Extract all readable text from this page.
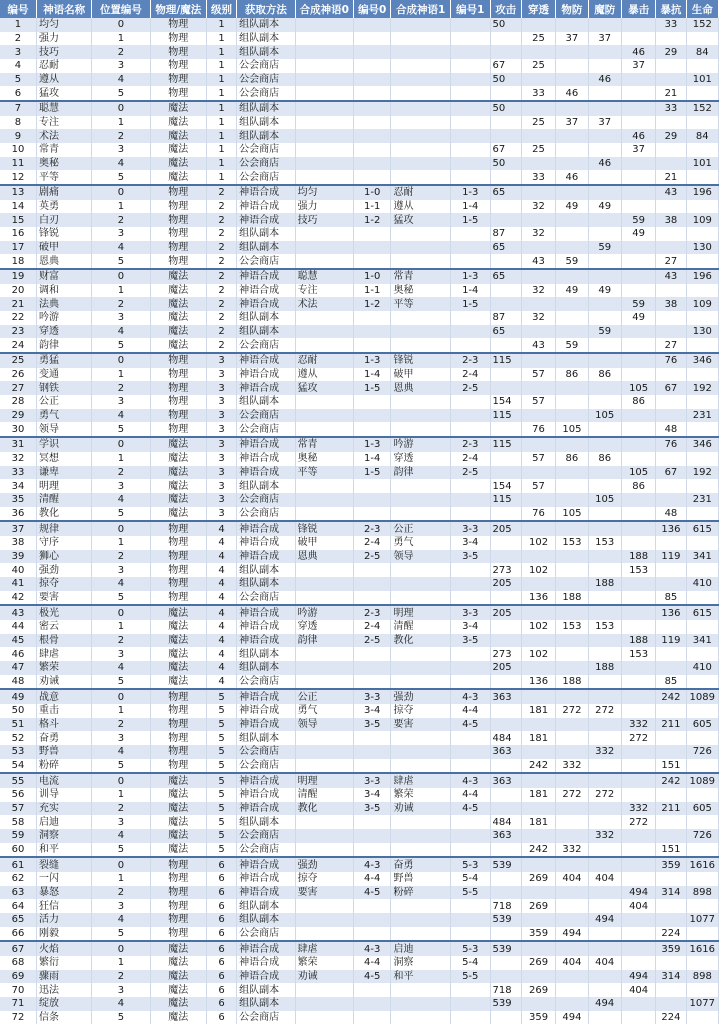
编号	神语名称	位置编号	物理/魔法	级别	获取方法	合成神语0	编号0	合成神语1	编号1	攻击	穿透	物防	魔防	暴击	暴抗	生命
1	均匀	0	物理	1	组队副本					50					33	152
2	强力	1	物理	1	组队副本						25	37	37			
3	技巧	2	物理	1	组队副本									46	29	84
4	忍耐	3	物理	1	公会商店					67	25			37		
5	遵从	4	物理	1	公会商店					50			46			101
6	猛攻	5	物理	1	公会商店						33	46			21	
7	聪慧	0	魔法	1	组队副本					50					33	152
8	专注	1	魔法	1	组队副本						25	37	37			
9	术法	2	魔法	1	组队副本									46	29	84
10	常青	3	魔法	1	公会商店					67	25			37		
11	奥秘	4	魔法	1	公会商店					50			46			101
12	平等	5	魔法	1	公会商店						33	46			21	
13	剧痛	0	物理	2	神语合成	均匀	1-0	忍耐	1-3	65					43	196
14	英勇	1	物理	2	神语合成	强力	1-1	遵从	1-4		32	49	49			
15	白刃	2	物理	2	神语合成	技巧	1-2	猛攻	1-5					59	38	109
16	锋锐	3	物理	2	组队副本					87	32			49		
17	破甲	4	物理	2	组队副本					65			59			130
18	恩典	5	物理	2	公会商店						43	59			27	
19	财富	0	魔法	2	神语合成	聪慧	1-0	常青	1-3	65					43	196
20	调和	1	魔法	2	神语合成	专注	1-1	奥秘	1-4		32	49	49			
21	法典	2	魔法	2	神语合成	术法	1-2	平等	1-5					59	38	109
22	吟游	3	魔法	2	组队副本					87	32			49		
23	穿透	4	魔法	2	组队副本					65			59			130
24	韵律	5	魔法	2	公会商店						43	59			27	
25	勇猛	0	物理	3	神语合成	忍耐	1-3	锋锐	2-3	115					76	346
26	变通	1	物理	3	神语合成	遵从	1-4	破甲	2-4		57	86	86			
27	钢铁	2	物理	3	神语合成	猛攻	1-5	恩典	2-5					105	67	192
28	公正	3	物理	3	组队副本					154	57			86		
29	勇气	4	物理	3	公会商店					115			105			231
30	领导	5	物理	3	公会商店						76	105			48	
31	学识	0	魔法	3	神语合成	常青	1-3	吟游	2-3	115					76	346
32	冥想	1	魔法	3	神语合成	奥秘	1-4	穿透	2-4		57	86	86			
33	谦卑	2	魔法	3	神语合成	平等	1-5	韵律	2-5					105	67	192
34	明理	3	魔法	3	组队副本					154	57			86		
35	清醒	4	魔法	3	公会商店					115			105			231
36	教化	5	魔法	3	公会商店						76	105			48	
37	规律	0	物理	4	神语合成	锋锐	2-3	公正	3-3	205					136	615
38	守序	1	物理	4	神语合成	破甲	2-4	勇气	3-4		102	153	153			
39	狮心	2	物理	4	神语合成	恩典	2-5	领导	3-5					188	119	341
40	强劲	3	物理	4	组队副本					273	102			153		
41	掠夺	4	物理	4	组队副本					205			188			410
42	要害	5	物理	4	公会商店						136	188			85	
43	极光	0	魔法	4	神语合成	吟游	2-3	明理	3-3	205					136	615
44	密云	1	魔法	4	神语合成	穿透	2-4	清醒	3-4		102	153	153			
45	根骨	2	魔法	4	神语合成	韵律	2-5	教化	3-5					188	119	341
46	肆虐	3	魔法	4	组队副本					273	102			153		
47	繁荣	4	魔法	4	组队副本					205			188			410
48	劝诫	5	魔法	4	公会商店						136	188			85	
49	战意	0	物理	5	神语合成	公正	3-3	强劲	4-3	363					242	1089
50	重击	1	物理	5	神语合成	勇气	3-4	掠夺	4-4		181	272	272			
51	格斗	2	物理	5	神语合成	领导	3-5	要害	4-5					332	211	605
52	奋勇	3	物理	5	组队副本					484	181			272		
53	野兽	4	物理	5	公会商店					363			332			726
54	粉碎	5	物理	5	公会商店						242	332			151	
55	电流	0	魔法	5	神语合成	明理	3-3	肆虐	4-3	363					242	1089
56	训导	1	魔法	5	神语合成	清醒	3-4	繁荣	4-4		181	272	272			
57	充实	2	魔法	5	神语合成	教化	3-5	劝诫	4-5					332	211	605
58	启迪	3	魔法	5	组队副本					484	181			272		
59	洞察	4	魔法	5	公会商店					363			332			726
60	和平	5	魔法	5	公会商店						242	332			151	
61	裂缝	0	物理	6	神语合成	强劲	4-3	奋勇	5-3	539					359	1616
62	一闪	1	物理	6	神语合成	掠夺	4-4	野兽	5-4		269	404	404			
63	暴怒	2	物理	6	神语合成	要害	4-5	粉碎	5-5					494	314	898
64	狂信	3	物理	6	组队副本					718	269			404		
65	活力	4	物理	6	组队副本					539			494			1077
66	刚毅	5	物理	6	公会商店						359	494			224	
67	火焰	0	魔法	6	神语合成	肆虐	4-3	启迪	5-3	539					359	1616
68	繁衍	1	魔法	6	神语合成	繁荣	4-4	洞察	5-4		269	404	404			
69	骤雨	2	魔法	6	神语合成	劝诫	4-5	和平	5-5					494	314	898
70	迅法	3	魔法	6	组队副本					718	269			404		
71	绽放	4	魔法	6	组队副本					539			494			1077
72	信条	5	魔法	6	公会商店						359	494			224	
